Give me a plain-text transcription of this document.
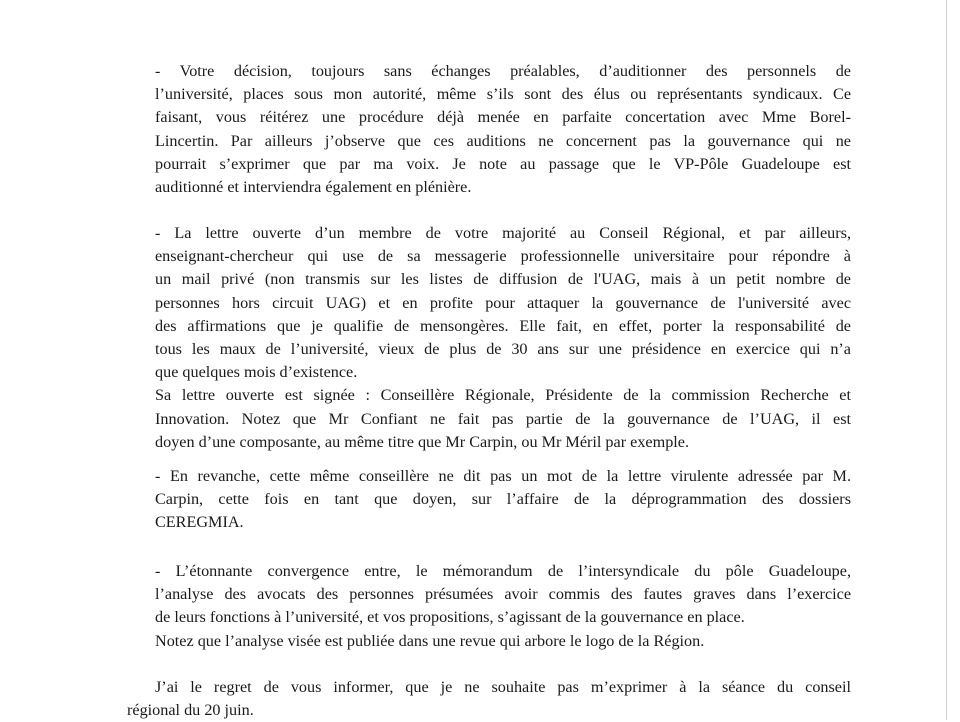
- Votre décision, toujours sans échanges préalables, d’auditionner des personnels de
l’université, places sous mon autorité, même s’ils sont des élus ou représentants syndicaux. Ce
faisant, vous réitérez une procédure déjà menée en parfaite concertation avec Mme Borel-
Lincertin. Par ailleurs j’observe que ces auditions ne concernent pas la gouvernance qui ne
pourrait s’exprimer que par ma voix. Je note au passage que le VP-Pôle Guadeloupe est
auditionné et interviendra également en plénière.

- La lettre ouverte d’un membre de votre majorité au Conseil Régional, et par ailleurs,
enseignant-chercheur qui use de sa messagerie professionnelle universitaire pour répondre à
un mail privé (non transmis sur les listes de diffusion de l'UAG, mais à un petit nombre de
personnes hors circuit UAG) et en profite pour attaquer la gouvernance de l'université avec
des affirmations que je qualifie de mensongères. Elle fait, en effet, porter la responsabilité de
tous les maux de l’université, vieux de plus de 30 ans sur une présidence en exercice qui n’a
que quelques mois d’existence.
Sa lettre ouverte est signée : Conseillère Régionale, Présidente de la commission Recherche et
Innovation. Notez que Mr Confiant ne fait pas partie de la gouvernance de l’UAG, il est
doyen d’une composante, au même titre que Mr Carpin, ou Mr Méril par exemple.

- En revanche, cette même conseillère ne dit pas un mot de la lettre virulente adressée par M.
Carpin, cette fois en tant que doyen, sur l’affaire de la déprogrammation des dossiers
CEREGMIA.

- L’étonnante convergence entre, le mémorandum de l’intersyndicale du pôle Guadeloupe,
l’analyse des avocats des personnes présumées avoir commis des fautes graves dans l’exercice
de leurs fonctions à l’université, et vos propositions, s’agissant de la gouvernance en place.
Notez que l’analyse visée est publiée dans une revue qui arbore le logo de la Région.

J’ai le regret de vous informer, que je ne souhaite pas m’exprimer à la séance du conseil
régional du 20 juin.
